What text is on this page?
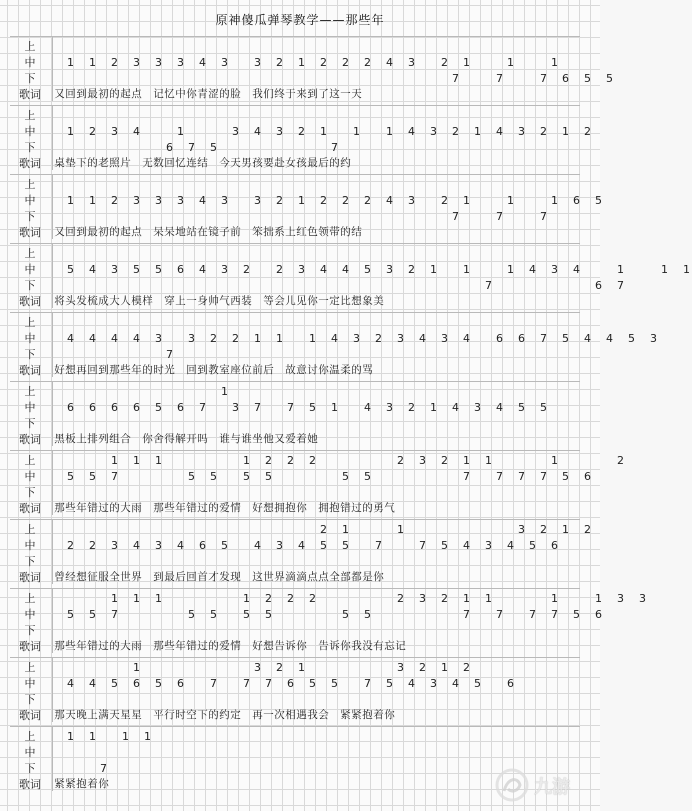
原神傻瓜弹琴教学——那些年
上
中	1 1 2 3 3 3 4 3 3 2 1 2 2 2 4 3 2 1	1	1
下	7	7	7 6 5 5
歌词	又 回 到 最 初 的 起 点 记 忆 中 你 青 涩 的 脸 我 们 终 于 来 到 了 这 一 天
上
中	1 2 3 4	1	3 4 3 2 1 1 1 4 3 2 1 4 3 2 1 2
下	6 7 5	7
歌词	桌 垫 下 的 老 照 片 无 数 回 忆 连 结 今 天 男 孩 要 赴 女 孩 最 后 的 约
上
中	1 1 2 3 3 3 4 3 3 2 1 2 2 2 4 3 2 1	1	1 6 5
下	7	7	7
歌词	又 回 到 最 初 的 起 点 呆 呆 地 站 在 镜 子 前 笨 拙 系 上 红 色 领 带 的 结
上
中	5 4 3 5 5 6 4 3 2 2 3 4 4 5 3 2 1 1	1 4 3 4	1	1 1
下	7	6 7
歌词	将 头 发 梳 成 大 人 模 样 穿 上 一 身 帅 气 西 装 等 会 儿 见 你 一 定 比 想 象 美
上
中	4 4 4 4 3 3 2 2 1 1 1 4 3 2 3 4 3 4 6 6 7 5 4 4 5 3
下	7
歌词	好 想 再 回 到 那 些 年 的 时 光 回 到 教 室 座 位 前 后 故 意 讨 你 温 柔 的 骂
上	1
中	6 6 6 6 5 6 7 3 7 7 5 1 4 3 2 1 4 3 4 5 5
下
歌词	黑 板 上 排 列 组 合 你 舍 得 解 开 吗 谁 与 谁 坐 他 又 爱 着 她
上	1 1 1	1 2 2 2	2 3 2 1 1	1	2
中	5 5 7	5 5 5 5	5 5	7 7 7 7 5 6
下
歌词	那 些 年 错 过 的 大 雨 那 些 年 错 过 的 爱 情 好 想 拥 抱 你 拥 抱 错 过 的 勇 气
上	2 1	1	3 2 1 2
中	2 2 3 4 3 4 6 5 4 3 4 5 5 7	7 5 4 3 4 5 6
下
歌词	曾 经 想 征 服 全 世 界 到 最 后 回 首 才 发 现 这 世 界 滴 滴 点 点 全 部 都 是 你
上	1 1 1	1 2 2 2	2 3 2 1 1	1	1 3 3
中	5 5 7	5 5 5 5	5 5	7 7 7 7 5 6
下
歌词	那 些 年 错 过 的 大 雨 那 些 年 错 过 的 爱 情 好 想 告 诉 你 告 诉 你 我 没 有 忘 记
上	1	3 2 1	3 2 1 2
中	4 4 5 6 5 6 7 7 7 6 5 5 7 5 4 3 4 5 6
下
歌词	那 天 晚 上 满 天 星 星 平 行 时 空 下 的 约 定 再 一 次 相 遇 我 会 紧 紧 抱 着 你
上	1 1 1 1
中
下	7
歌词	紧 紧 抱 着 你	九游
